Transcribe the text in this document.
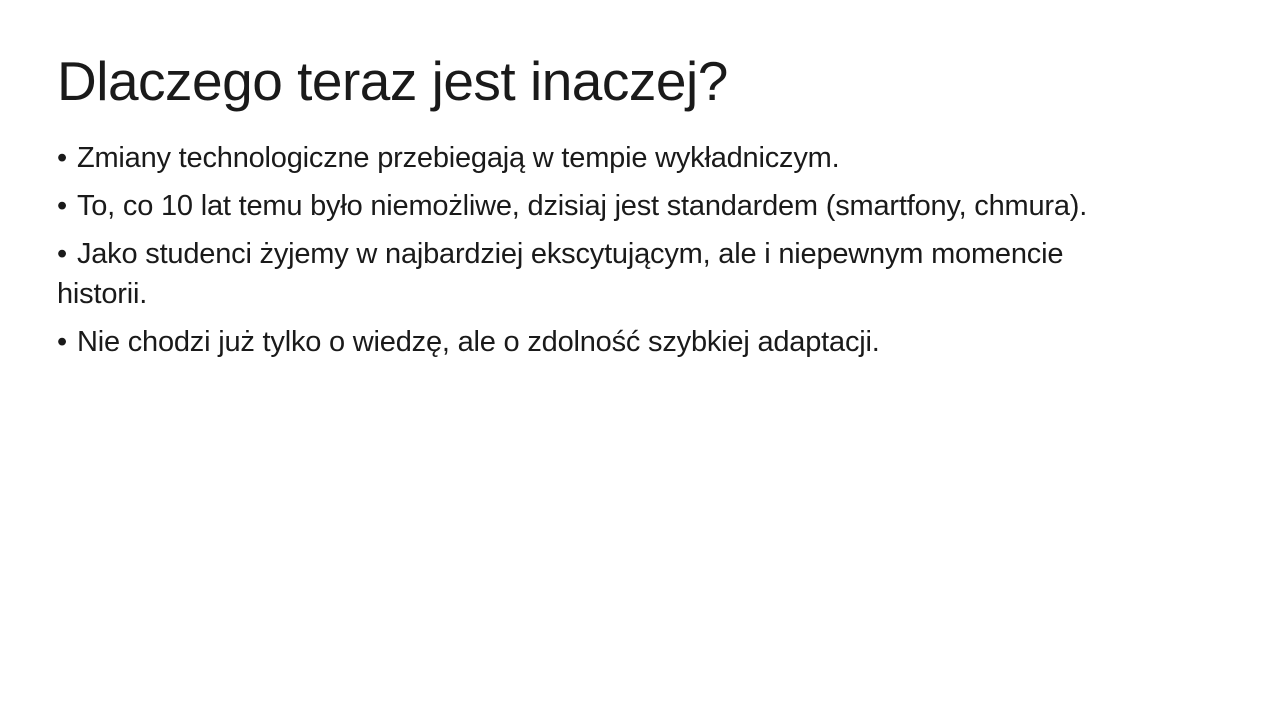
Dlaczego teraz jest inaczej?

• Zmiany technologiczne przebiegają w tempie wykładniczym.

• To, co 10 lat temu było niemożliwe, dzisiaj jest standardem (smartfony, chmura).

• Jako studenci żyjemy w najbardziej ekscytującym, ale i niepewnym momencie historii.

• Nie chodzi już tylko o wiedzę, ale o zdolność szybkiej adaptacji.
